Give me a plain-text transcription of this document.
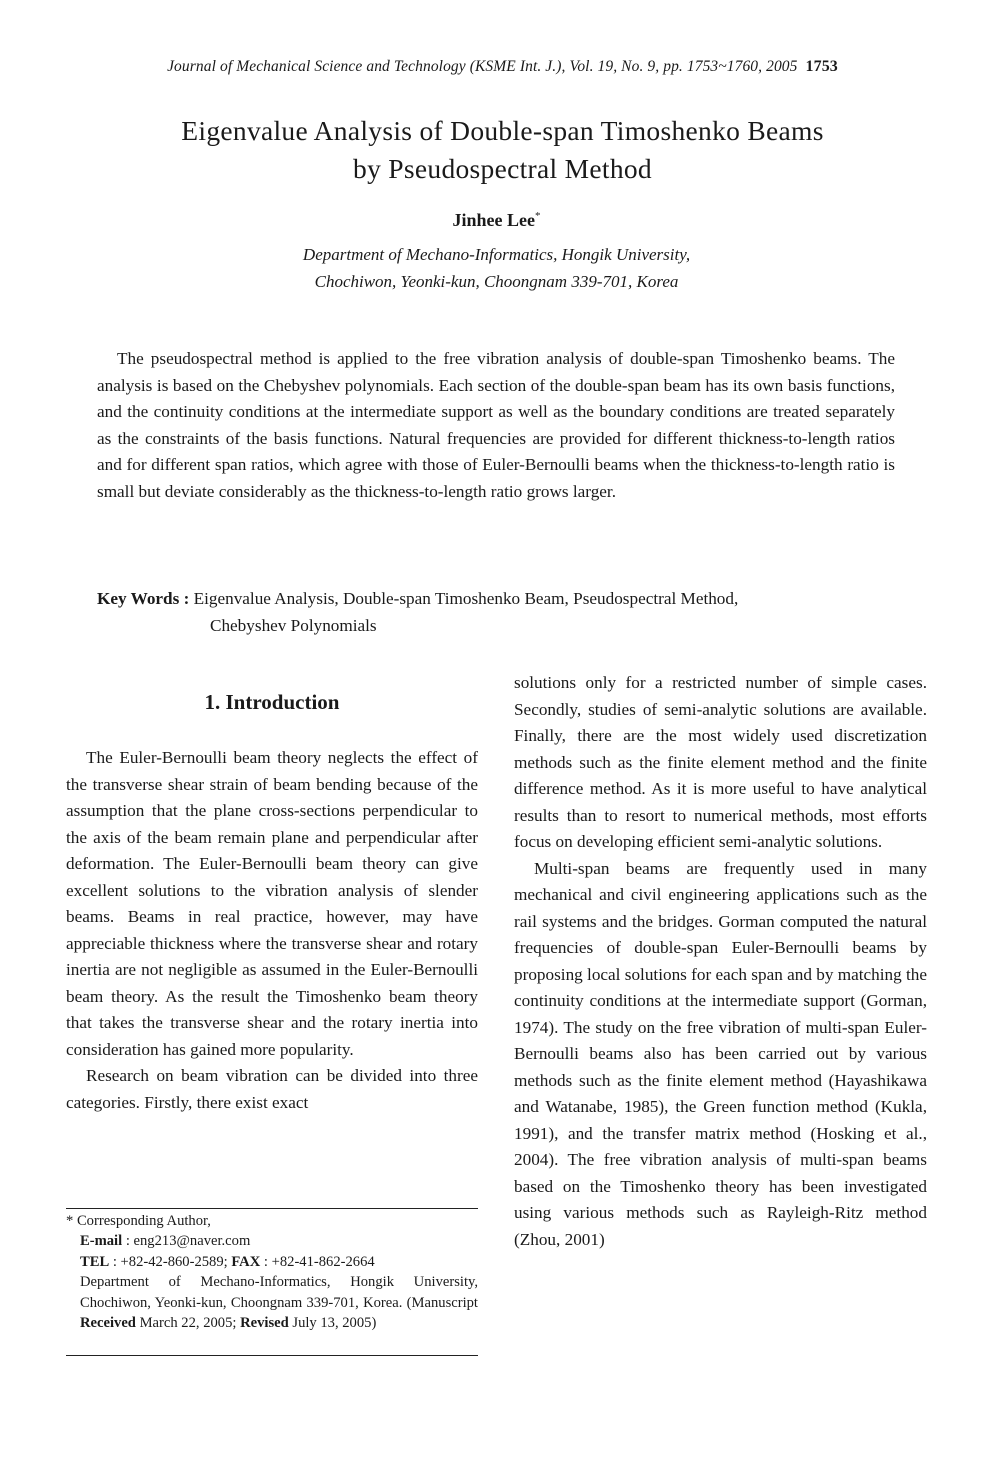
Journal of Mechanical Science and Technology (KSME Int. J.), Vol. 19, No. 9, pp. 1753~1760, 2005 1753
Eigenvalue Analysis of Double-span Timoshenko Beams
by Pseudospectral Method
Jinhee Lee*
Department of Mechano-Informatics, Hongik University,
Chochiwon, Yeonki-kun, Choongnam 339-701, Korea

The pseudospectral method is applied to the free vibration analysis of double-span Timoshenko beams. The analysis is based on the Chebyshev polynomials. Each section of the double-span beam has its own basis functions, and the continuity conditions at the intermediate support as well as the boundary conditions are treated separately as the constraints of the basis functions. Natural frequencies are provided for different thickness-to-length ratios and for different span ratios, which agree with those of Euler-Bernoulli beams when the thickness-to-length ratio is small but deviate considerably as the thickness-to-length ratio grows larger.

Key Words : Eigenvalue Analysis, Double-span Timoshenko Beam, Pseudospectral Method,
Chebyshev Polynomials
1. Introduction

The Euler-Bernoulli beam theory neglects the effect of the transverse shear strain of beam bending because of the assumption that the plane cross-sections perpendicular to the axis of the beam remain plane and perpendicular after deformation. The Euler-Bernoulli beam theory can give excellent solutions to the vibration analysis of slender beams. Beams in real practice, however, may have appreciable thickness where the transverse shear and rotary inertia are not negligible as assumed in the Euler-Bernoulli beam theory. As the result the Timoshenko beam theory that takes the transverse shear and the rotary inertia into consideration has gained more popularity.

Research on beam vibration can be divided into three categories. Firstly, there exist exact

* Corresponding Author,
E-mail : eng213@naver.com
TEL : +82-42-860-2589; FAX : +82-41-862-2664
Department of Mechano-Informatics, Hongik University, Chochiwon, Yeonki-kun, Choongnam 339-701, Korea. (Manuscript Received March 22, 2005; Revised July 13, 2005)

solutions only for a restricted number of simple cases. Secondly, studies of semi-analytic solutions are available. Finally, there are the most widely used discretization methods such as the finite element method and the finite difference method. As it is more useful to have analytical results than to resort to numerical methods, most efforts focus on developing efficient semi-analytic solutions.

Multi-span beams are frequently used in many mechanical and civil engineering applications such as the rail systems and the bridges. Gorman computed the natural frequencies of double-span Euler-Bernoulli beams by proposing local solutions for each span and by matching the continuity conditions at the intermediate support (Gorman, 1974). The study on the free vibration of multi-span Euler-Bernoulli beams also has been carried out by various methods such as the finite element method (Hayashikawa and Watanabe, 1985), the Green function method (Kukla, 1991), and the transfer matrix method (Hosking et al., 2004). The free vibration analysis of multi-span beams based on the Timoshenko theory has been investigated using various methods such as Rayleigh-Ritz method (Zhou, 2001)
